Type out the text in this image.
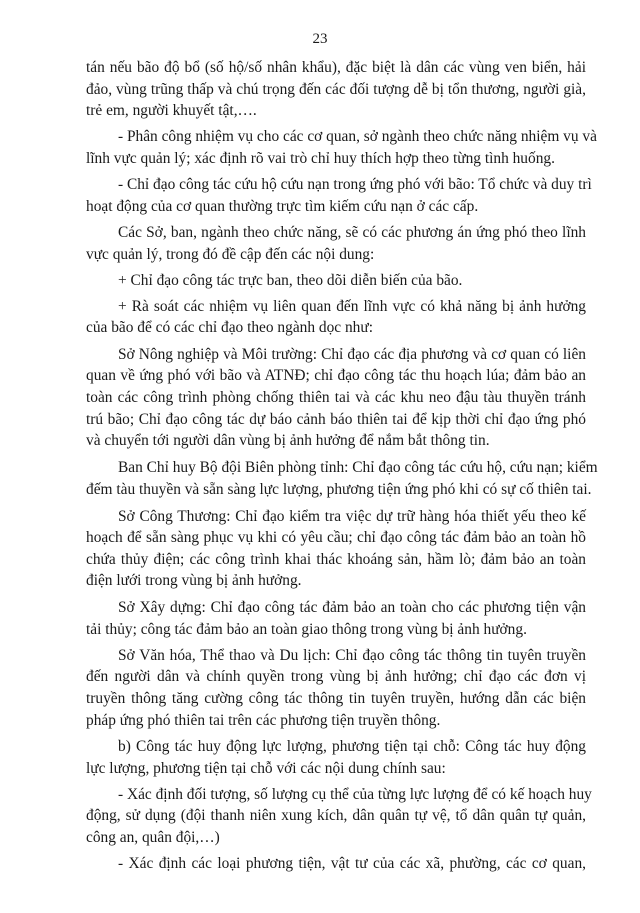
23

tán nếu bão độ bổ (số hộ/số nhân khẩu), đặc biệt là dân các vùng ven biển, hải

đảo, vùng trũng thấp và chú trọng đến các đối tượng dễ bị tổn thương, người già,

trẻ em, người khuyết tật,….

- Phân công nhiệm vụ cho các cơ quan, sở ngành theo chức năng nhiệm vụ và

lĩnh vực quản lý; xác định rõ vai trò chỉ huy thích hợp theo từng tình huống.

- Chỉ đạo công tác cứu hộ cứu nạn trong ứng phó với bão: Tổ chức và duy trì

hoạt động của cơ quan thường trực tìm kiếm cứu nạn ở các cấp.

Các Sở, ban, ngành theo chức năng, sẽ có các phương án ứng phó theo lĩnh

vực quản lý, trong đó đề cập đến các nội dung:

+ Chỉ đạo công tác trực ban, theo dõi diễn biến của bão.

+ Rà soát các nhiệm vụ liên quan đến lĩnh vực có khả năng bị ảnh hưởng

của bão để có các chỉ đạo theo ngành dọc như:

Sở Nông nghiệp và Môi trường: Chỉ đạo các địa phương và cơ quan có liên

quan về ứng phó với bão và ATNĐ; chỉ đạo công tác thu hoạch lúa; đảm bảo an

toàn các công trình phòng chống thiên tai và các khu neo đậu tàu thuyền tránh

trú bão; Chỉ đạo công tác dự báo cảnh báo thiên tai để kịp thời chỉ đạo ứng phó

và chuyển tới người dân vùng bị ảnh hưởng để nắm bắt thông tin.

Ban Chỉ huy Bộ đội Biên phòng tỉnh: Chỉ đạo công tác cứu hộ, cứu nạn; kiểm

đếm tàu thuyền và sẵn sàng lực lượng, phương tiện ứng phó khi có sự cố thiên tai.

Sở Công Thương: Chỉ đạo kiểm tra việc dự trữ hàng hóa thiết yếu theo kế

hoạch để sẵn sàng phục vụ khi có yêu cầu; chỉ đạo công tác đảm bảo an toàn hồ

chứa thủy điện; các công trình khai thác khoáng sản, hầm lò; đảm bảo an toàn

điện lưới trong vùng bị ảnh hưởng.

Sở Xây dựng: Chỉ đạo công tác đảm bảo an toàn cho các phương tiện vận

tải thủy; công tác đảm bảo an toàn giao thông trong vùng bị ảnh hưởng.

Sở Văn hóa, Thể thao và Du lịch: Chỉ đạo công tác thông tin tuyên truyền

đến người dân và chính quyền trong vùng bị ảnh hưởng; chỉ đạo các đơn vị

truyền thông tăng cường công tác thông tin tuyên truyền, hướng dẫn các biện

pháp ứng phó thiên tai trên các phương tiện truyền thông.

b) Công tác huy động lực lượng, phương tiện tại chỗ: Công tác huy động

lực lượng, phương tiện tại chỗ với các nội dung chính sau:

- Xác định đối tượng, số lượng cụ thể của từng lực lượng để có kế hoạch huy

động, sử dụng (đội thanh niên xung kích, dân quân tự vệ, tổ dân quân tự quản,

công an, quân đội,…)

- Xác định các loại phương tiện, vật tư của các xã, phường, các cơ quan,
